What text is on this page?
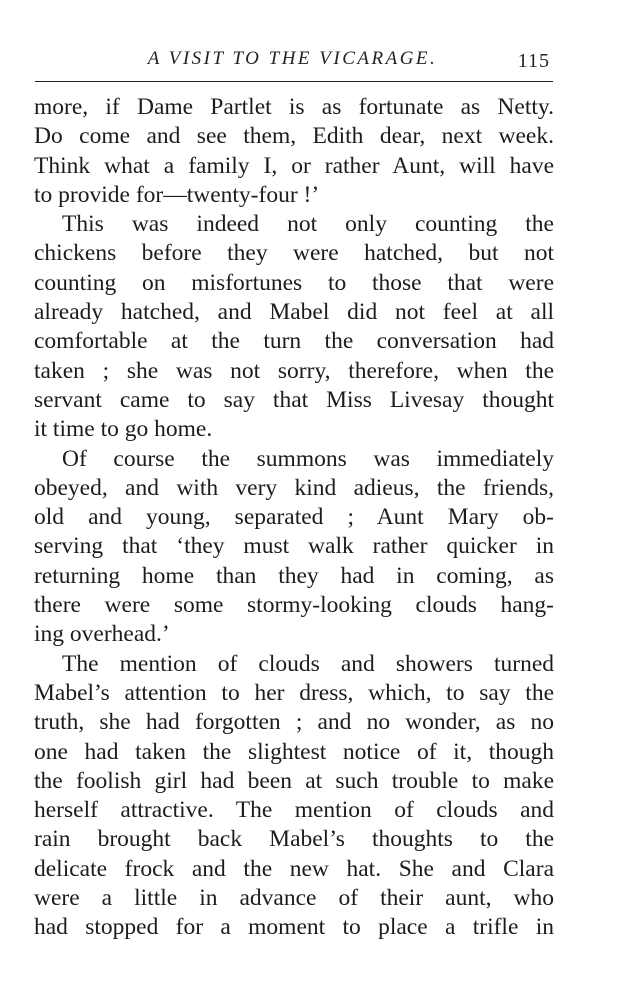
A VISIT TO THE VICARAGE.	115
more, if Dame Partlet is as fortunate as Netty.
Do come and see them, Edith dear, next week.
Think what a family I, or rather Aunt, will have
to provide for—twenty-four !’
This was indeed not only counting the
chickens before they were hatched, but not
counting on misfortunes to those that were
already hatched, and Mabel did not feel at all
comfortable at the turn the conversation had
taken ; she was not sorry, therefore, when the
servant came to say that Miss Livesay thought
it time to go home.
Of course the summons was immediately
obeyed, and with very kind adieus, the friends,
old and young, separated ; Aunt Mary ob-
serving that ‘they must walk rather quicker in
returning home than they had in coming, as
there were some stormy-looking clouds hang-
ing overhead.’
The mention of clouds and showers turned
Mabel’s attention to her dress, which, to say the
truth, she had forgotten ; and no wonder, as no
one had taken the slightest notice of it, though
the foolish girl had been at such trouble to make
herself attractive. The mention of clouds and
rain brought back Mabel’s thoughts to the
delicate frock and the new hat. She and Clara
were a little in advance of their aunt, who
had stopped for a moment to place a trifle in
